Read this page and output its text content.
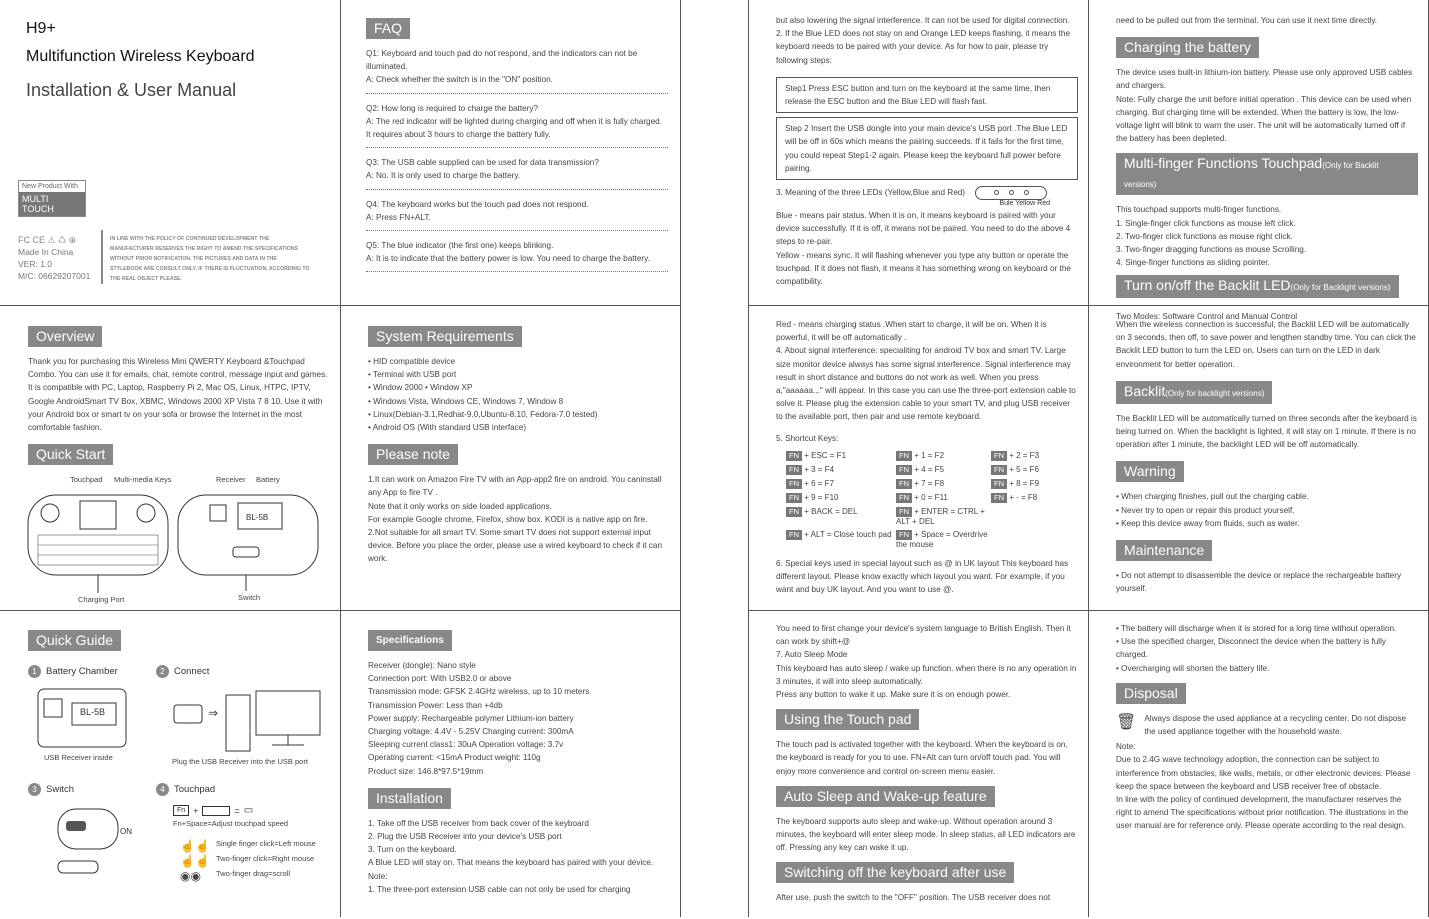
H9+
Multifunction Wireless Keyboard
Installation & User Manual
New Product With
MULTI TOUCH
FC CE ⚠ ♺ ⊕
Made In China
VER: 1.0
M/C: 06629207001
IN LINE WITH THE POLICY OF CONTINUED DEVELOPMENT THE MANUFACTURER RESERVES THE RIGHT TO AMEND THE SPECIFICATIONS WITHOUT PRIOR NOTIFICATION. THE PICTURES AND DATA IN THE STYLEBOOK ARE CONSULT ONLY, IF THERE IS FLUCTUATION, ACCORDING TO THE REAL OBJECT PLEASE.
FAQ

Q1: Keyboard and touch pad do not respond, and the indicators can not be illuminated.
A: Check whether the switch is in the "ON" position.

Q2: How long is required to charge the battery?
A: The red indicator will be lighted during charging and off when it is fully charged. It requires about 3 hours to charge the battery fully.

Q3: The USB cable supplied can be used for data transmission?
A: No. It is only used to charge the battery.

Q4: The keyboard works but the touch pad does not respond.
A: Press FN+ALT.

Q5: The blue indicator (the first one) keeps blinking.
A: It is to indicate that the battery power is low. You need to charge the battery.

but also lowering the signal interference. It can not be used for digital connection.
2. If the Blue LED does not stay on and Orange LED keeps flashing, it means the keyboard needs to be paired with your device. As for how to pair, please try following steps:

Step1 Press ESC button and turn on the keyboard at the same time, then release the ESC button and the Blue LED will flash fast.

Step 2 Insert the USB dongle into your main device's USB port .The Blue LED will be off in 60s which means the pairing succeeds. If it fails for the first time, you could repeat Step1-2 again. Please keep the keyboard full power before pairing.

3. Meaning of the three LEDs (Yellow,Blue and Red)

Bule Yellow Red

Blue - means pair status. When it is on, it means keyboard is paired with your device successfully. If it is off, it means not be paired. You need to do the above 4 steps to re-pair.

Yellow - means sync. It will flashing whenever you type any button or operate the touchpad. If it does not flash, it means it has something wrong on keyboard or the compatibility.

need to be pulled out from the terminal. You can use it next time directly.

Charging the battery

The device uses built-in lithium-ion battery. Please use only approved USB cables and chargers.
Note: Fully charge the unit before initial operation . This device can be used when charging. But charging time will be extended. When the battery is low, the low-voltage light will blink to warn the user. The unit will be automatically turned off if the battery has been depleted.

Multi-finger Functions Touchpad(Only for Backlit versions)

This touchpad supports multi-finger functions.
1. Single-finger click functions as mouse left click.
2. Two-finger click functions as mouse right click.
3. Two-finger dragging functions as mouse Scrolling.
4. Singe-finger functions as sliding pointer.

Turn on/off the Backlit LED(Only for Backlight versions)

Two Modes: Software Control and Manual Control

Overview

Thank you for purchasing this Wireless Mini QWERTY Keyboard &Touchpad Combo. You can use it for emails, chat, remote control, message input and games. It is compatible with PC, Laptop, Raspberry Pi 2, Mac OS, Linux, HTPC, IPTV, Google AndroidSmart TV Box, XBMC, Windows 2000 XP Vista 7 8 10. Use it with your Android box or smart tv on your sofa or browse the Internet in the most comfortable fashion.

Quick Start
Touchpad Multi-media Keys	Receiver Battery
BL-5B
Charging Port	Switch
System Requirements
• HID compatible device
• Terminal with USB port
• Window 2000 • Window XP
• Windows Vista, Windows CE, Windows 7, Window 8
• Linux(Debian-3.1,Redhat-9.0,Ubuntu-8.10, Fedora-7.0 tested)
• Android OS (With standard USB interface)
Please note

1.It can work on Amazon Fire TV with an App-app2 fire on android. You caninstall any App to fire TV .
Note that it only works on side loaded applications.
For example Google chrome, Firefox, show box. KODI is a native app on fire.
2.Not suitable for all smart TV. Some smart TV does not support external input device. Before you place the order, please use a wired keyboard to check if it can work.

Red - means charging status .When start to charge, it will be on. When it is powerful, it will be off automatically .

4. About signal interference: specialiting for android TV box and smart TV. Large size monitor device always has some signal interference. Signal interference may result in short distance and buttons do not work as well. When you press a,"aaaaaa..." will appear. In this case you can use the three-port extension cable to solve it. Please plug the extension cable to your smart TV, and plug USB receiver to the available port, then pair and use remote keyboard.

5. Shortcut Keys:

FN + ESC = F1	FN + 1 = F2	FN + 2 = F3
FN + 3 = F4	FN + 4 = F5	FN + 5 = F6
FN + 6 = F7	FN + 7 = F8	FN + 8 = F9
FN + 9 = F10	FN + 0 = F11	FN + - = F8
FN + BACK = DEL	FN + ENTER = CTRL + ALT + DEL
FN + ALT = Close touch pad FN + Space = Overdrive the mouse

6. Special keys used in special layout such as @ in UK layout This keyboard has different layout. Please know exactly which layout you want. For example, if you want and buy UK layout. And you want to use @.

When the wireless connection is successful, the Backlit LED will be automatically on 3 seconds, then off, to save power and lengthen standby time. You can click the Backlit LED button to turn the LED on. Users can turn on the LED in dark environment for better operation.

Backlit(Only for backlight versions)

The Backlit LED will be automatically turned on three seconds after the keyboard is being turned on. When the backlight is lighted, it will stay on 1 minute. If there is no operation after 1 minute, the backlight LED will be off automatically.

Warning
• When charging finishes, pull out the charging cable.
• Never try to open or repair this product yourself.
• Keep this device away from fluids, such as water.
Maintenance

• Do not attempt to disassemble the device or replace the rechargeable battery yourself.

Quick Guide
1 Battery Chamber	2 Connect
⇒
BL-5B
USB Receiver inside	Plug the USB Receiver into the USB port
3 Switch	4 Touchpad
ON
Fn +	= ▭
Fn+Space=Adjust touchpad speed
☝☝
☝☝
◉◉
Single finger click=Left mouse
Two-finger click=Right mouse
Two-finger drag=scroll
Specifications
Receiver (dongle): Nano style
Connection port: With USB2.0 or above
Transmission mode: GFSK 2.4GHz wireless, up to 10 meters
Transmission Power: Less than +4db
Power supply: Rechargeable polymer Lithium-ion battery
Charging voltage: 4.4V - 5.25V Charging current: 300mA
Sleeping current class1: 30uA Operation voltage: 3.7v
Operating current: <15mA Product weight: 110g
Product size: 146.8*97.5*19mm
Installation

1. Take off the USB receiver from back cover of the keyboard
2. Plug the USB Receiver into your device's USB port
3. Turn on the keyboard.
A Blue LED will stay on. That means the keyboard has paired with your device.
Note:
1. The three-port extension USB cable can not only be used for charging

You need to first change your device's system language to British English. Then it can work by shift+@
7. Auto Sleep Mode
This keyboard has auto sleep / wake up function. when there is no any operation in 3 minutes, it will into sleep automatically.
Press any button to wake it up. Make sure it is on enough power.

Using the Touch pad

The touch pad is activated together with the keyboard. When the keyboard is on, the keyboard is ready for you to use. FN+Alt can turn on/off touch pad. You will enjoy more convenience and control on-screen menu easier.

Auto Sleep and Wake-up feature

The keyboard supports auto sleep and wake-up. Without operation around 3 minutes, the keyboard will enter sleep mode. In sleep status, all LED indicators are off. Pressing any key can wake it up.

Switching off the keyboard after use

After use, push the switch to the "OFF" position. The USB receiver does not

• The battery will discharge when it is stored for a long time without operation.
• Use the specified charger, Disconnect the device when the battery is fully charged.
• Overcharging will shorten the battery life.
Disposal
🗑 Always dispose the used appliance at a recycling center. Do not dispose the used appliance together with the household waste.

Note:
Due to 2.4G wave technology adoption, the connection can be subject to interference from obstacles, like walls, metals, or other electronic devices. Please keep the space between the keyboard and USB receiver free of obstacle.
In line with the policy of continued development, the manufacturer reserves the right to amend The specifications without prior notification. The illustrations in the user manual are for reference only. Please operate according to the real design.
